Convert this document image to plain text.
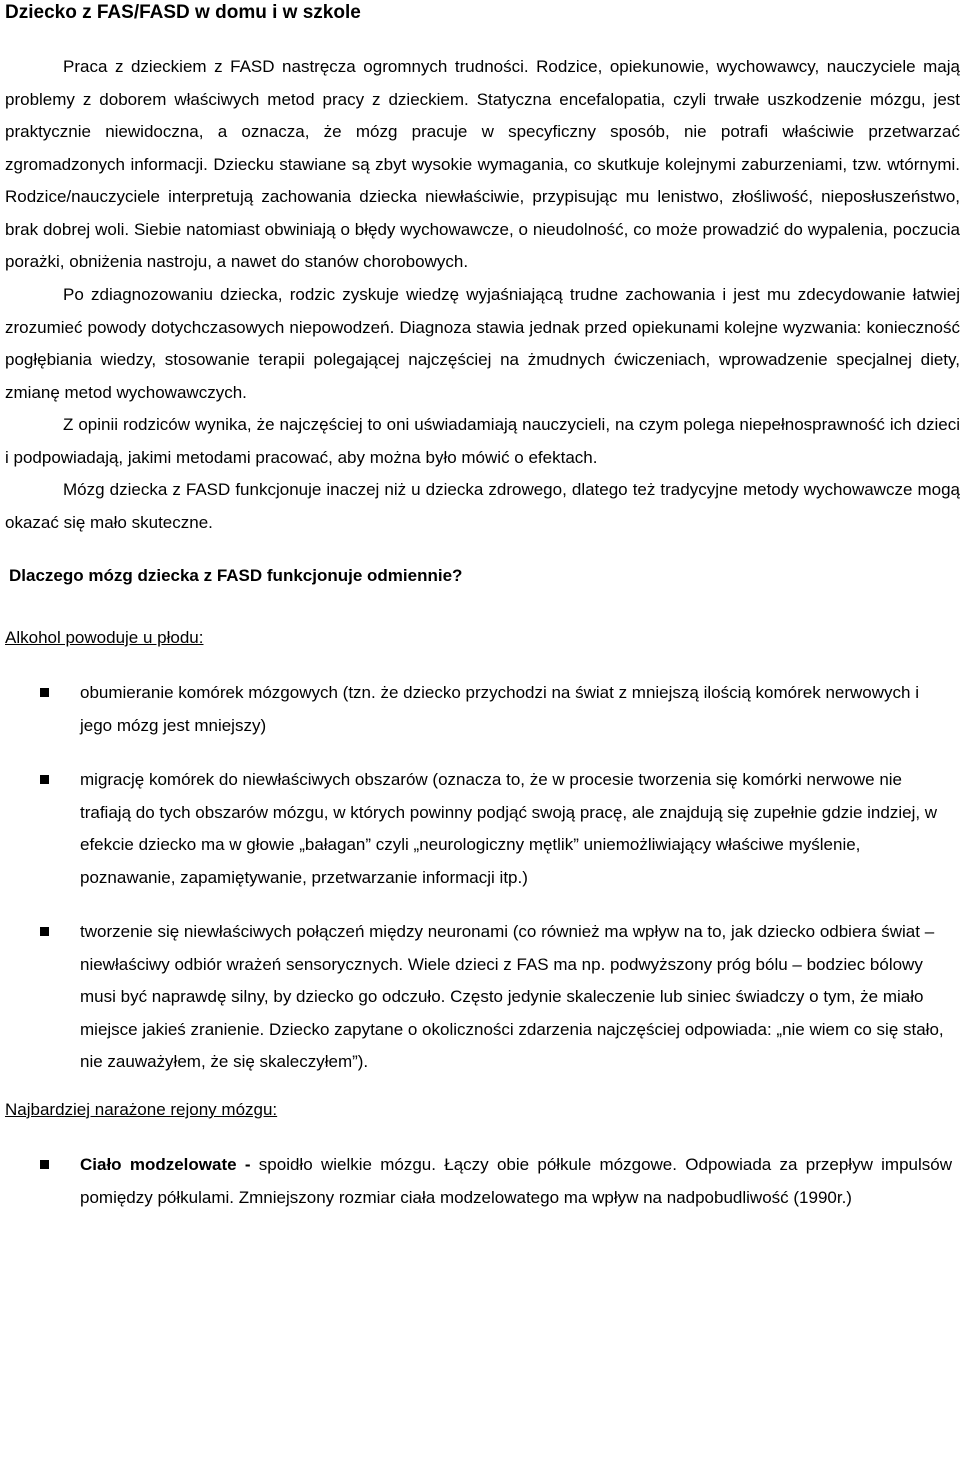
Dziecko z FAS/FASD w domu i w szkole

Praca z dzieckiem z FASD nastręcza ogromnych trudności. Rodzice, opiekunowie, wychowawcy, nauczyciele mają problemy z doborem właściwych metod pracy z dzieckiem. Statyczna encefalopatia, czyli trwałe uszkodzenie mózgu, jest praktycznie niewidoczna, a oznacza, że mózg pracuje w specyficzny sposób, nie potrafi właściwie przetwarzać zgromadzonych informacji. Dziecku stawiane są zbyt wysokie wymagania, co skutkuje kolejnymi zaburzeniami, tzw. wtórnymi. Rodzice/nauczyciele interpretują zachowania dziecka niewłaściwie, przypisując mu lenistwo, złośliwość, nieposłuszeństwo, brak dobrej woli. Siebie natomiast obwiniają o błędy wychowawcze, o nieudolność, co może prowadzić do wypalenia, poczucia porażki, obniżenia nastroju, a nawet do stanów chorobowych.

Po zdiagnozowaniu dziecka, rodzic zyskuje wiedzę wyjaśniającą trudne zachowania i jest mu zdecydowanie łatwiej zrozumieć powody dotychczasowych niepowodzeń. Diagnoza stawia jednak przed opiekunami kolejne wyzwania: konieczność pogłębiania wiedzy, stosowanie terapii polegającej najczęściej na żmudnych ćwiczeniach, wprowadzenie specjalnej diety, zmianę metod wychowawczych.

Z opinii rodziców wynika, że najczęściej to oni uświadamiają nauczycieli, na czym polega niepełnosprawność ich dzieci i podpowiadają, jakimi metodami pracować, aby można było mówić o efektach.

Mózg dziecka z FASD funkcjonuje inaczej niż u dziecka zdrowego, dlatego też tradycyjne metody wychowawcze mogą okazać się mało skuteczne.

Dlaczego mózg dziecka z FASD funkcjonuje odmiennie?
Alkohol powoduje u płodu:
obumieranie komórek mózgowych (tzn. że dziecko przychodzi na świat z mniejszą ilością komórek nerwowych i jego mózg jest mniejszy)
migrację komórek do niewłaściwych obszarów (oznacza to, że w procesie tworzenia się komórki nerwowe nie trafiają do tych obszarów mózgu, w których powinny podjąć swoją pracę, ale znajdują się zupełnie gdzie indziej, w efekcie dziecko ma w głowie „bałagan” czyli „neurologiczny mętlik” uniemożliwiający właściwe myślenie, poznawanie, zapamiętywanie, przetwarzanie informacji itp.)
tworzenie się niewłaściwych połączeń między neuronami (co również ma wpływ na to, jak dziecko odbiera świat – niewłaściwy odbiór wrażeń sensorycznych. Wiele dzieci z FAS ma np. podwyższony próg bólu – bodziec bólowy musi być naprawdę silny, by dziecko go odczuło. Często jedynie skaleczenie lub siniec świadczy o tym, że miało miejsce jakieś zranienie. Dziecko zapytane o okoliczności zdarzenia najczęściej odpowiada: „nie wiem co się stało, nie zauważyłem, że się skaleczyłem”).
Najbardziej narażone rejony mózgu:
Ciało modzelowate - spoidło wielkie mózgu. Łączy obie półkule mózgowe. Odpowiada za przepływ impulsów pomiędzy półkulami. Zmniejszony rozmiar ciała modzelowatego ma wpływ na nadpobudliwość (1990r.)
